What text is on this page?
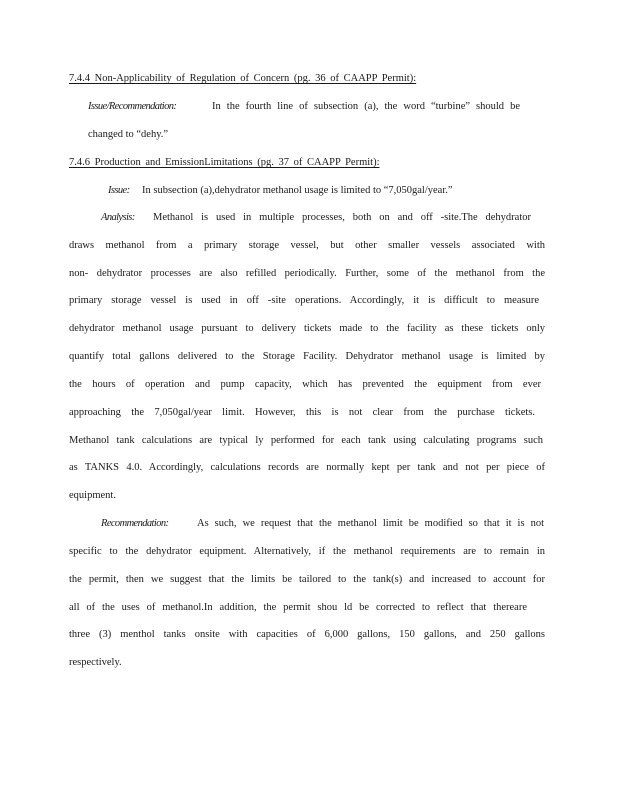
7.4.4 Non-Applicability of Regulation of Concern (pg. 36 of CAAPP Permit):
Issue/Recommendation:	In the fourth line of subsection (a), the word “turbine” should be
changed to “dehy.”
7.4.6 Production and EmissionLimitations (pg. 37 of CAAPP Permit):
Issue: In subsection (a),dehydrator methanol usage is limited to “7,050gal/year.”
Analysis: Methanol is used in multiple processes, both on and off -site.The dehydrator
draws methanol from a primary storage vessel, but other smaller vessels associated with
non- dehydrator processes are also refilled periodically. Further, some of the methanol from the
primary storage vessel is used in off -site operations. Accordingly, it is difficult to measure
dehydrator methanol usage pursuant to delivery tickets made to the facility as these tickets only
quantify total gallons delivered to the Storage Facility. Dehydrator methanol usage is limited by
the hours of operation and pump capacity, which has prevented the equipment from ever
approaching the 7,050gal/year limit. However, this is not clear from the purchase tickets.
Methanol tank calculations are typical ly performed for each tank using calculating programs such
as TANKS 4.0. Accordingly, calculations records are normally kept per tank and not per piece of
equipment.
Recommendation:	As such, we request that the methanol limit be modified so that it is not
specific to the dehydrator equipment. Alternatively, if the methanol requirements are to remain in
the permit, then we suggest that the limits be tailored to the tank(s) and increased to account for
all of the uses of methanol.In addition, the permit shou ld be corrected to reflect that thereare
three (3) menthol tanks onsite with capacities of 6,000 gallons, 150 gallons, and 250 gallons
respectively.
